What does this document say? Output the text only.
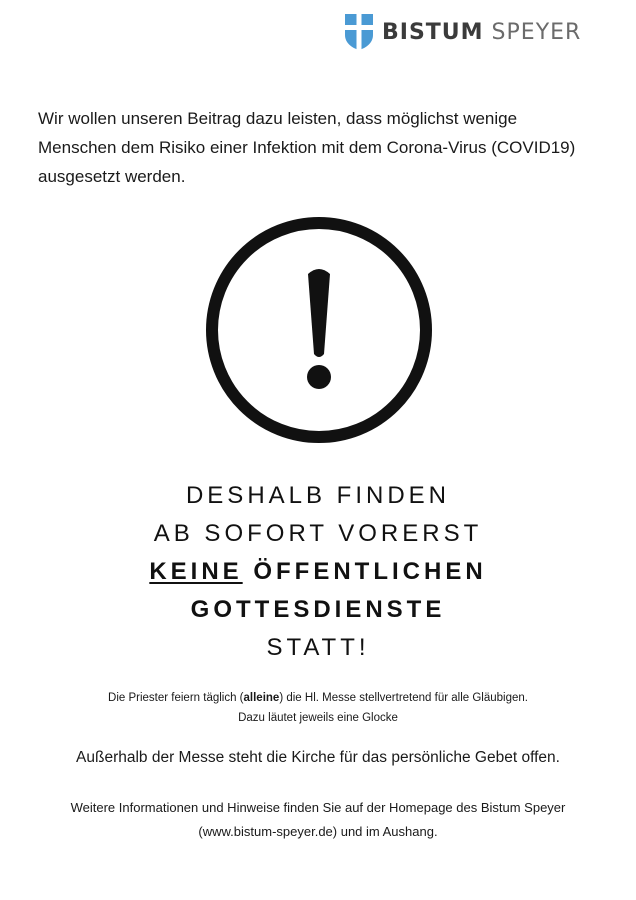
BISTUM SPEYER
Wir wollen unseren Beitrag dazu leisten, dass möglichst wenige
Menschen dem Risiko einer Infektion mit dem Corona-Virus (COVID19)
ausgesetzt werden.
DESHALB FINDEN
AB SOFORT VORERST
KEINE ÖFFENTLICHEN
GOTTESDIENSTE
STATT!
Die Priester feiern täglich (alleine) die Hl. Messe stellvertretend für alle Gläubigen.
Dazu läutet jeweils eine Glocke
Außerhalb der Messe steht die Kirche für das persönliche Gebet offen.
Weitere Informationen und Hinweise finden Sie auf der Homepage des Bistum Speyer
(www.bistum-speyer.de) und im Aushang.
